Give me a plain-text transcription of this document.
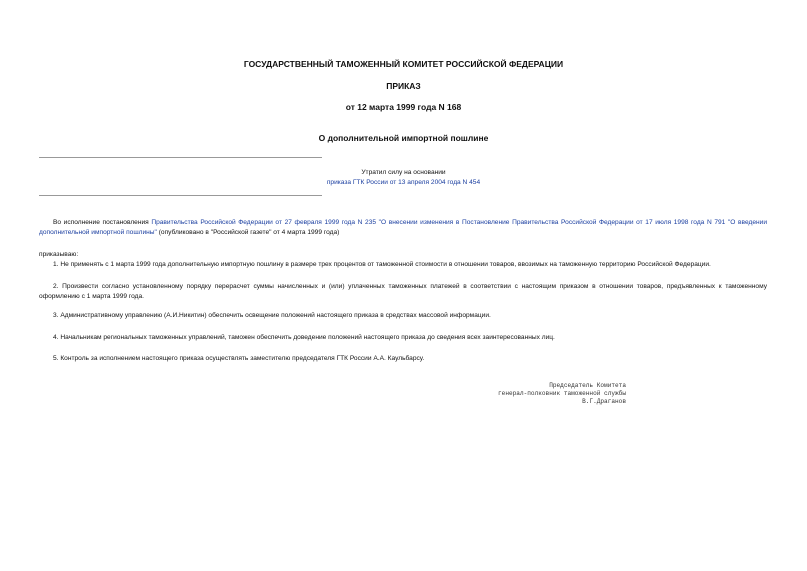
ГОСУДАРСТВЕННЫЙ ТАМОЖЕННЫЙ КОМИТЕТ РОССИЙСКОЙ ФЕДЕРАЦИИ
ПРИКАЗ
от 12 марта 1999 года N 168
О дополнительной импортной пошлине
Утратил силу на основании
приказа ГТК России от 13 апреля 2004 года N 454
Во исполнение постановления Правительства Российской Федерации от 27 февраля 1999 года N 235 "О внесении изменения в Постановление Правительства Российской Федерации от 17 июля 1998 года N 791 "О введении дополнительной импортной пошлины" (опубликовано в "Российской газете" от 4 марта 1999 года)
приказываю:
1. Не применять с 1 марта 1999 года дополнительную импортную пошлину в размере трех процентов от таможенной стоимости в отношении товаров, ввозимых на таможенную территорию Российской Федерации.
2. Произвести согласно установленному порядку перерасчет суммы начисленных и (или) уплаченных таможенных платежей в соответствии с настоящим приказом в отношении товаров, предъявленных к таможенному оформлению с 1 марта 1999 года.
3. Административному управлению (А.И.Никитин) обеспечить освещение положений настоящего приказа в средствах массовой информации.
4. Начальникам региональных таможенных управлений, таможен обеспечить доведение положений настоящего приказа до сведения всех заинтересованных лиц.
5. Контроль за исполнением настоящего приказа осуществлять заместителю председателя ГТК России А.А. Каульбарсу.
Председатель Комитета
генерал-полковник таможенной службы
В.Г.Драганов
